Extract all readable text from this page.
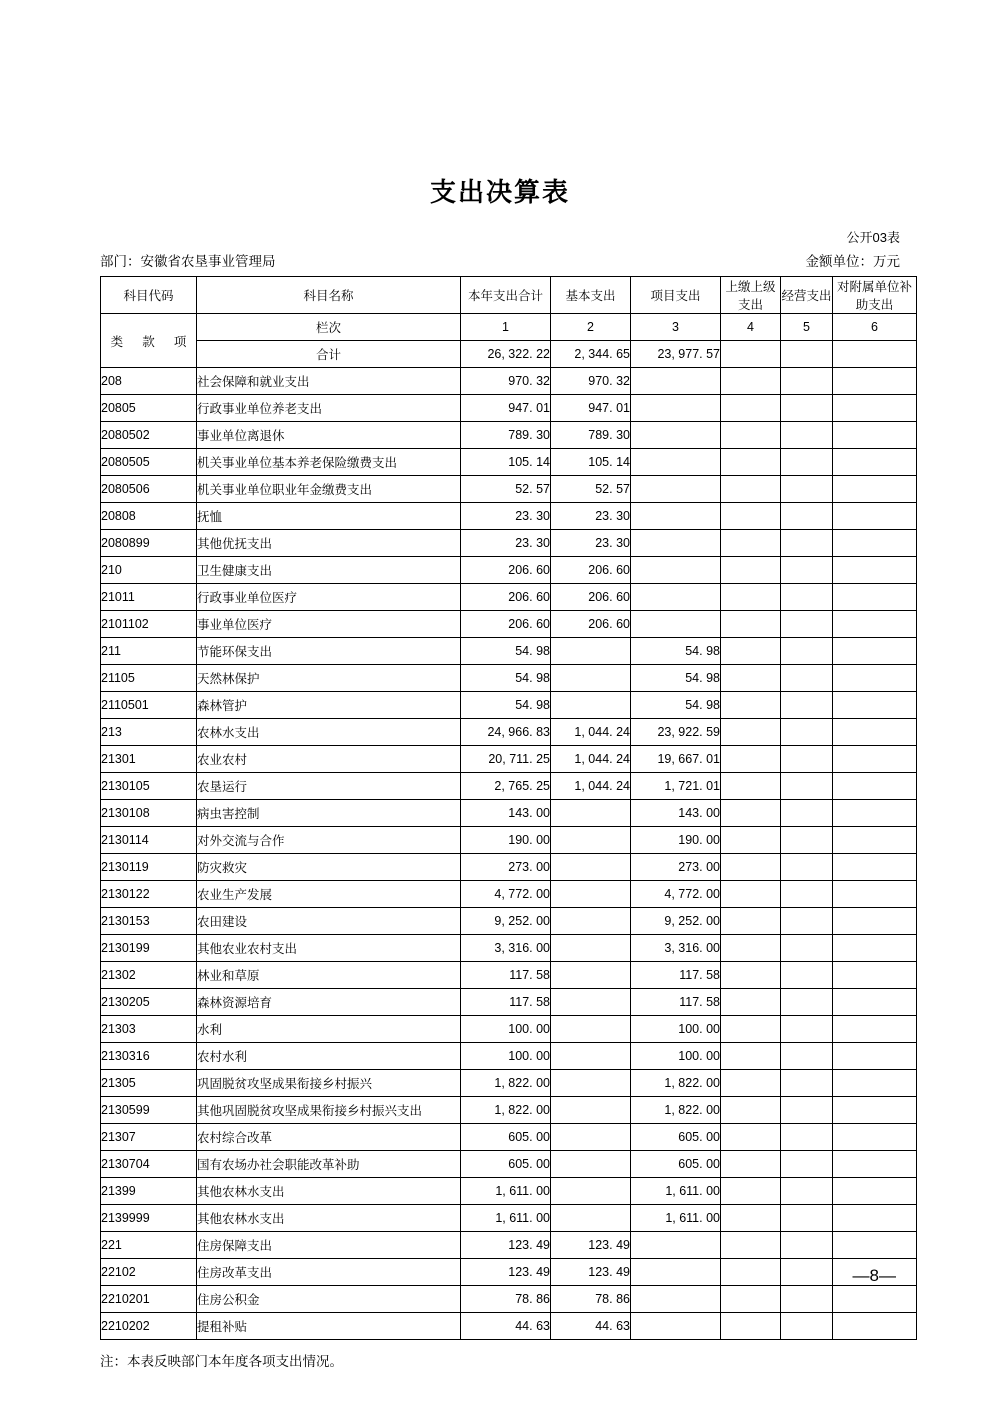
支出决算表
公开03表
部门：安徽省农垦事业管理局	金额单位：万元
科目代码	科目名称	本年支出合计	基本支出	项目支出	上缴上级支出	经营支出	对附属单位补助支出

类 款 项	栏次	1	2	3	4	5	6
	合计	26, 322. 22	2, 344. 65	23, 977. 57			
208	社会保障和就业支出	970. 32	970. 32				
20805	行政事业单位养老支出	947. 01	947. 01				
2080502	事业单位离退休	789. 30	789. 30				
2080505	机关事业单位基本养老保险缴费支出	105. 14	105. 14				
2080506	机关事业单位职业年金缴费支出	52. 57	52. 57				
20808	抚恤	23. 30	23. 30				
2080899	其他优抚支出	23. 30	23. 30				
210	卫生健康支出	206. 60	206. 60				
21011	行政事业单位医疗	206. 60	206. 60				
2101102	事业单位医疗	206. 60	206. 60				
211	节能环保支出	54. 98		54. 98			
21105	天然林保护	54. 98		54. 98			
2110501	森林管护	54. 98		54. 98			
213	农林水支出	24, 966. 83	1, 044. 24	23, 922. 59			
21301	农业农村	20, 711. 25	1, 044. 24	19, 667. 01			
2130105	农垦运行	2, 765. 25	1, 044. 24	1, 721. 01			
2130108	病虫害控制	143. 00		143. 00			
2130114	对外交流与合作	190. 00		190. 00			
2130119	防灾救灾	273. 00		273. 00			
2130122	农业生产发展	4, 772. 00		4, 772. 00			
2130153	农田建设	9, 252. 00		9, 252. 00			
2130199	其他农业农村支出	3, 316. 00		3, 316. 00			
21302	林业和草原	117. 58		117. 58			
2130205	森林资源培育	117. 58		117. 58			
21303	水利	100. 00		100. 00			
2130316	农村水利	100. 00		100. 00			
21305	巩固脱贫攻坚成果衔接乡村振兴	1, 822. 00		1, 822. 00			
2130599	其他巩固脱贫攻坚成果衔接乡村振兴支出	1, 822. 00		1, 822. 00			
21307	农村综合改革	605. 00		605. 00			
2130704	国有农场办社会职能改革补助	605. 00		605. 00			
21399	其他农林水支出	1, 611. 00		1, 611. 00			
2139999	其他农林水支出	1, 611. 00		1, 611. 00			
221	住房保障支出	123. 49	123. 49				
22102	住房改革支出	123. 49	123. 49				
2210201	住房公积金	78. 86	78. 86				
2210202	提租补贴	44. 63	44. 63				
注：本表反映部门本年度各项支出情况。
—8—
